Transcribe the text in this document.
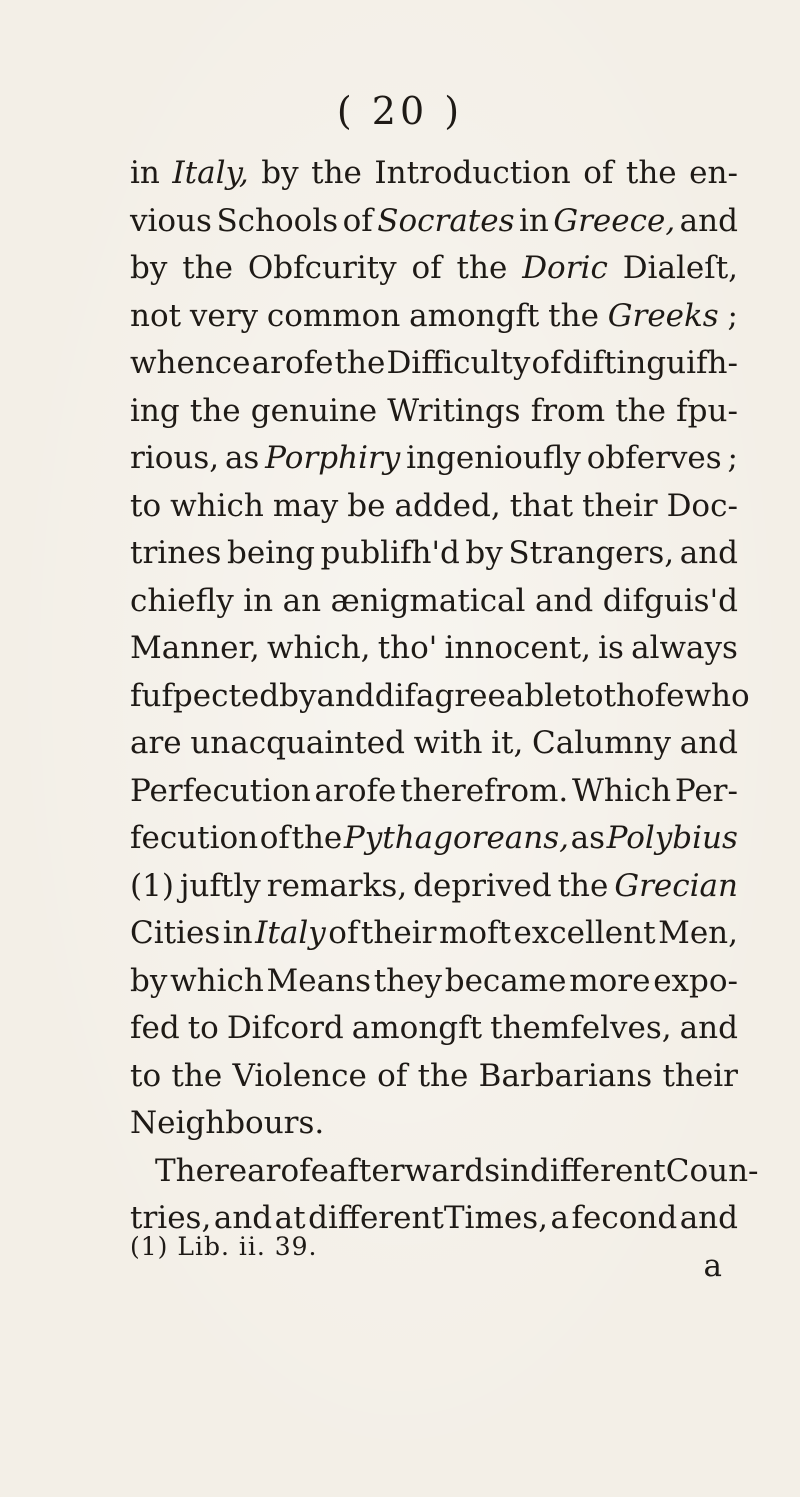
( 20 )
in Italy, by the Introduction of the en-
vious Schools of Socrates in Greece, and
by the Obfcurity of the Doric Dialeſt,
not very common amongft the Greeks ;
whence arofe the Difficulty of diftinguifh-
ing the genuine Writings from the fpu-
rious, as Porphiry ingenioufly obferves ;
to which may be added, that their Doc-
trines being publifh'd by Strangers, and
chiefly in an ænigmatical and difguis'd
Manner, which, tho' innocent, is always
fufpected by and difagreeable to thofe who
are unacquainted with it, Calumny and
Perfecution arofe therefrom. Which Per-
fecution of the Pythagoreans, as Polybius
(1) juftly remarks, deprived the Grecian
Cities in Italy of their moft excellent Men,
by which Means they became more expo-
fed to Difcord amongft themfelves, and
to the Violence of the Barbarians their
Neighbours.
There arofe afterwards in differentCoun-
tries, and at differentTimes, a fecond and
a
(1) Lib. ii. 39.
